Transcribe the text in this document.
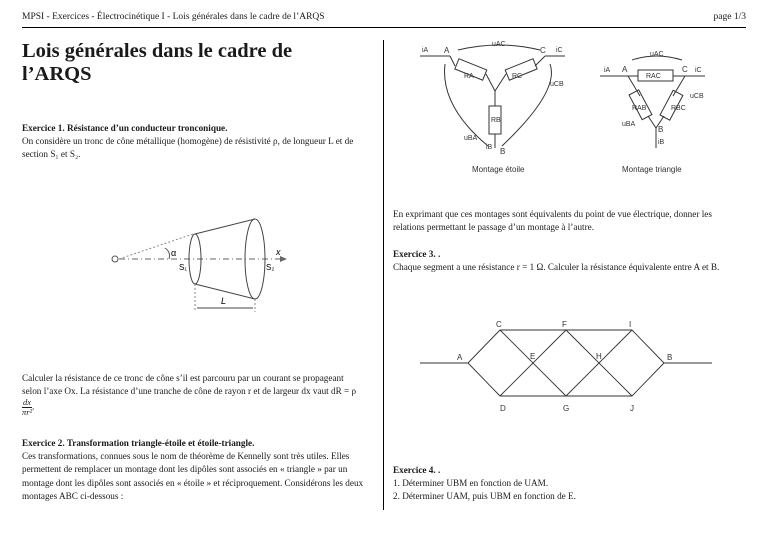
MPSI - Exercices - Électrocinétique I - Lois générales dans le cadre de l’ARQS	page 1/3
Lois générales dans le cadre de l’ARQS
Exercice 1. Résistance d’un conducteur tronconique.
On considère un tronc de cône métallique (homogène) de résistivité ρ, de longueur L et de section S₁ et S₂.
x
α
S₁	S₂
L
Calculer la résistance de ce tronc de cône s’il est parcouru par un courant se propageant selon l’axe Ox. La résistance d’une tranche de cône de rayon r et de largeur dx vaut dR = ρ
$\frac{dx}{\text{πr²}}$ .
Exercice 2. Transformation triangle-étoile et étoile-triangle.
Ces transformations, connues sous le nom de théorème de Kennelly sont très utiles. Elles permettent de remplacer un montage dont les dipôles sont associés en « triangle » par un montage dont les dipôles sont associés en « étoile » et réciproquement. Considérons les deux montages ABC ci-dessous :
iA A	C iC
uAC
uCB
uBA
RA	RC
RB
iB B
Montage étoile
iA A	C iC
uAC
RAC
RAB	RBC
uCB
uBA
B
iB
Montage triangle
En exprimant que ces montages sont équivalents du point de vue électrique, donner les relations permettant le passage d’un montage à l’autre.
Exercice 3. .
Chaque segment a une résistance r = 1 Ω. Calculer la résistance équivalente entre A et B.
A	B
C
D
E
F
G
H
I
J
Exercice 4. .
1. Déterminer UBM en fonction de UAM.
2. Déterminer UAM, puis UBM en fonction de E.
